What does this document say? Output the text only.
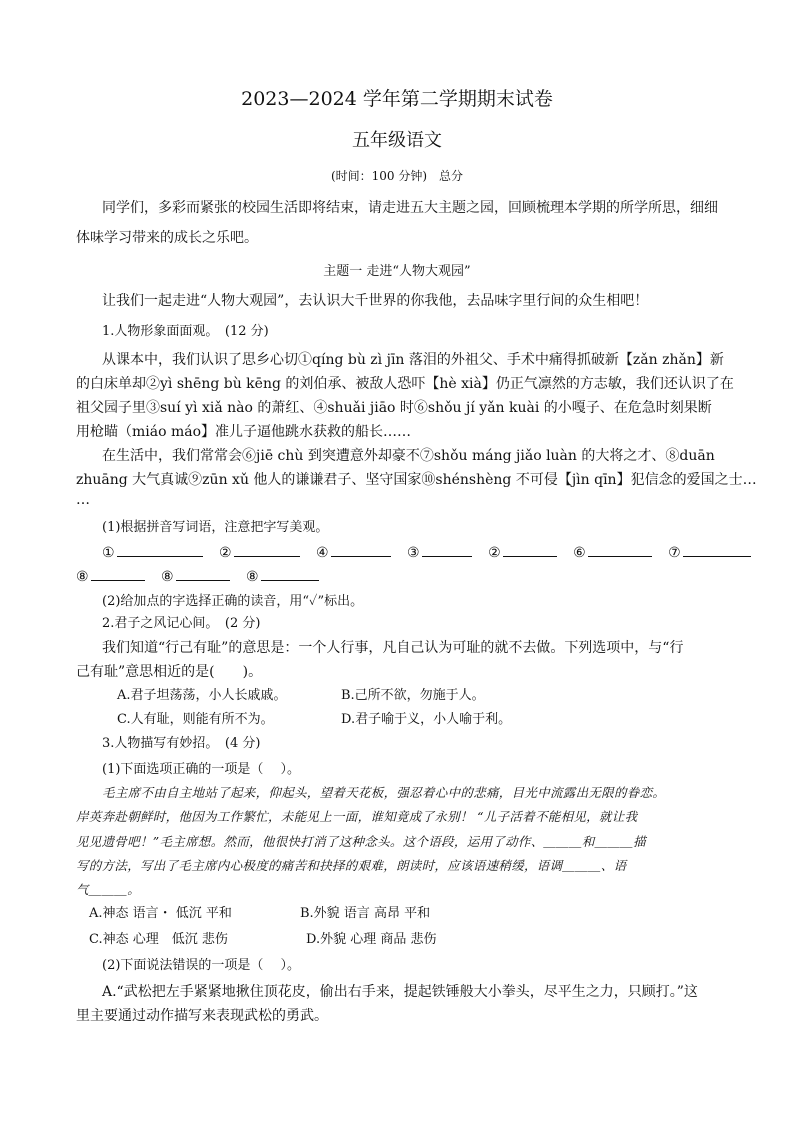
2023—2024 学年第二学期期末试卷
五年级语文
(时间：100 分钟)　总分
同学们，多彩而紧张的校园生活即将结束，请走进五大主题之园，回顾梳理本学期的所学所思，细细
体味学习带来的成长之乐吧。
主题一 走进“人物大观园”
让我们一起走进“人物大观园”，去认识大千世界的你我他，去品味字里行间的众生相吧！
1.人物形象面面观。　(12 分)
从课本中，我们认识了思乡心切①qíng bù zì jīn 落泪的外祖父、手术中痛得抓破新【zǎn zhǎn】新
的白床单却②yì shēng bù kēng 的刘伯承、被敌人恐吓【hè xià】仍正气凛然的方志敏，我们还认识了在
祖父园子里③suí yì xiǎ nào 的萧红、④shuǎi jiāo 时⑥shǒu jí yǎn kuài 的小嘎子、在危急时刻果断
用枪瞄（miáo máo】准儿子逼他跳水获救的船长……
在生活中，我们常常会⑥jiē chù 到突遭意外却豪不⑦shǒu máng jiǎo luàn 的大将之才、⑧duān
zhuāng 大气真诚⑨zūn xǔ 他人的谦谦君子、坚守国家⑩shénshèng 不可侵【jìn qīn】犯信念的爱国之士…
…
(1)根据拼音写词语，注意把字写美观。
①	②	④	③	②	⑥	⑦
⑧	⑧	⑧
(2)给加点的字选择正确的读音，用“✓”标出。
2.君子之风记心间。　(2 分)
我们知道“行己有耻”的意思是：一个人行事，凡自己认为可耻的就不去做。下列选项中，与“行
己有耻”意思相近的是(　　)。
A.君子坦荡荡，小人长戚戚。	B.己所不欲，勿施于人。
C.人有耻，则能有所不为。	D.君子喻于义，小人喻于利。
3.人物描写有妙招。　(4 分)
(1)下面选项正确的一项是（　 ）。
毛主席不由自主地站了起来，仰起头，望着天花板，强忍着心中的悲痛，目光中流露出无限的眷恋。
岸英奔赴朝鲜时，他因为工作繁忙，未能见上一面，谁知竟成了永别！ “儿子活着不能相见，就让我
见见遗骨吧！”毛主席想。然而，他很快打消了这种念头。这个语段，运用了动作、＿＿＿和＿＿＿描
写的方法，写出了毛主席内心极度的痛苦和抉择的艰难，朗读时，应该语速稍缓，语调＿＿＿、语
气＿＿＿。
A.神态 语言・ 低沉 平和	B.外貌 语言 高昂 平和
C.神态 心理　低沉 悲伤	D.外貌 心理 商品 悲伤
(2)下面说法错误的一项是（　 ）。
A.“武松把左手紧紧地揪住顶花皮，偷出右手来，提起铁锤般大小拳头，尽平生之力，只顾打。”这
里主要通过动作描写来表现武松的勇武。
